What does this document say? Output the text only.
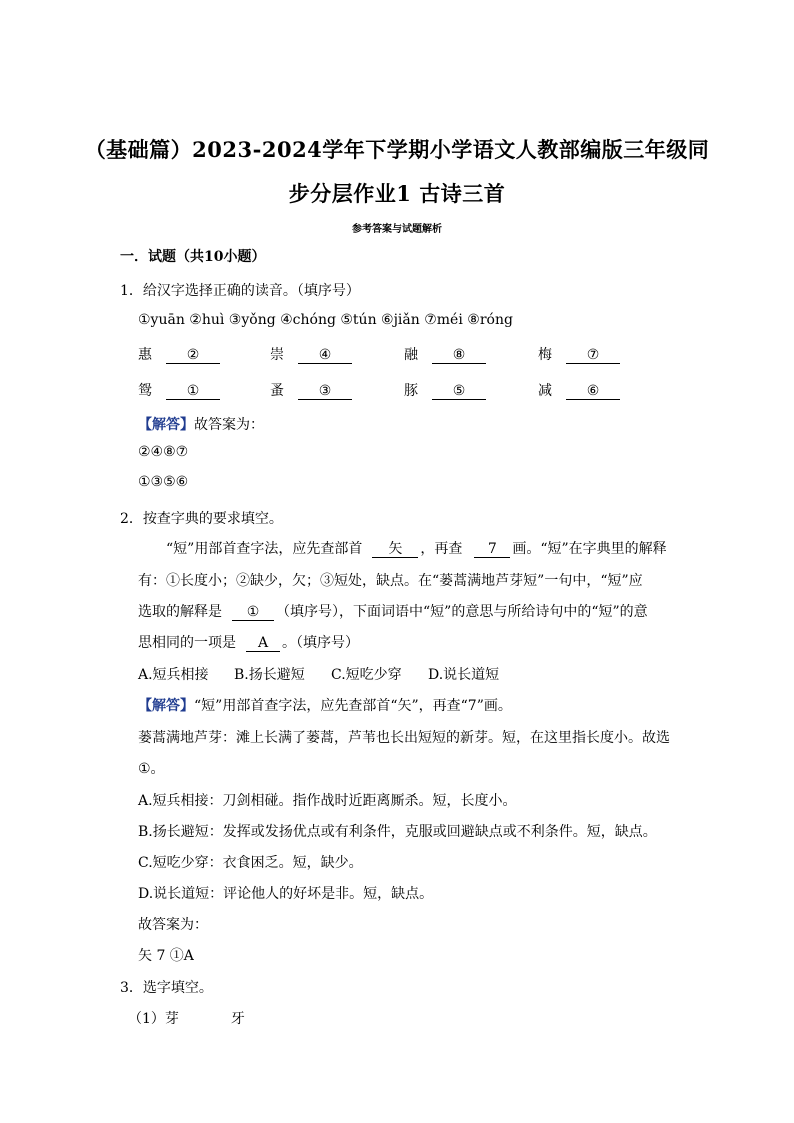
（基础篇）2023-2024学年下学期小学语文人教部编版三年级同
步分层作业1 古诗三首
参考答案与试题解析
一．试题（共10小题）
1．给汉字选择正确的读音。（填序号）
①yuān ②huì ③yǒng ④chóng ⑤tún ⑥jiǎn ⑦méi ⑧róng
惠 ②	崇 ④	融 ⑧	梅 ⑦
鸳 ①	蚤 ③	豚 ⑤	减 ⑥
【解答】故答案为：
②④⑧⑦
①③⑤⑥
2．按查字典的要求填空。
“短”用部首查字法，应先查部首 矢 ，再查 7 画。“短”在字典里的解释
有：①长度小；②缺少，欠；③短处，缺点。在“蒌蒿满地芦芽短”一句中，“短”应
选取的解释是 ① （填序号），下面词语中“短”的意思与所给诗句中的“短”的意
思相同的一项是 A 。（填序号）
A.短兵相接 B.扬长避短 C.短吃少穿 D.说长道短
【解答】“短”用部首查字法，应先查部首“矢”，再查“7”画。
蒌蒿满地芦芽：滩上长满了蒌蒿，芦苇也长出短短的新芽。短，在这里指长度小。故选
①。
A.短兵相接：刀剑相碰。指作战时近距离厮杀。短，长度小。
B.扬长避短：发挥或发扬优点或有利条件，克服或回避缺点或不利条件。短，缺点。
C.短吃少穿：衣食困乏。短，缺少。
D.说长道短：评论他人的好坏是非。短，缺点。
故答案为：
矢 7 ①A
3．选字填空。
（1）芽	牙
